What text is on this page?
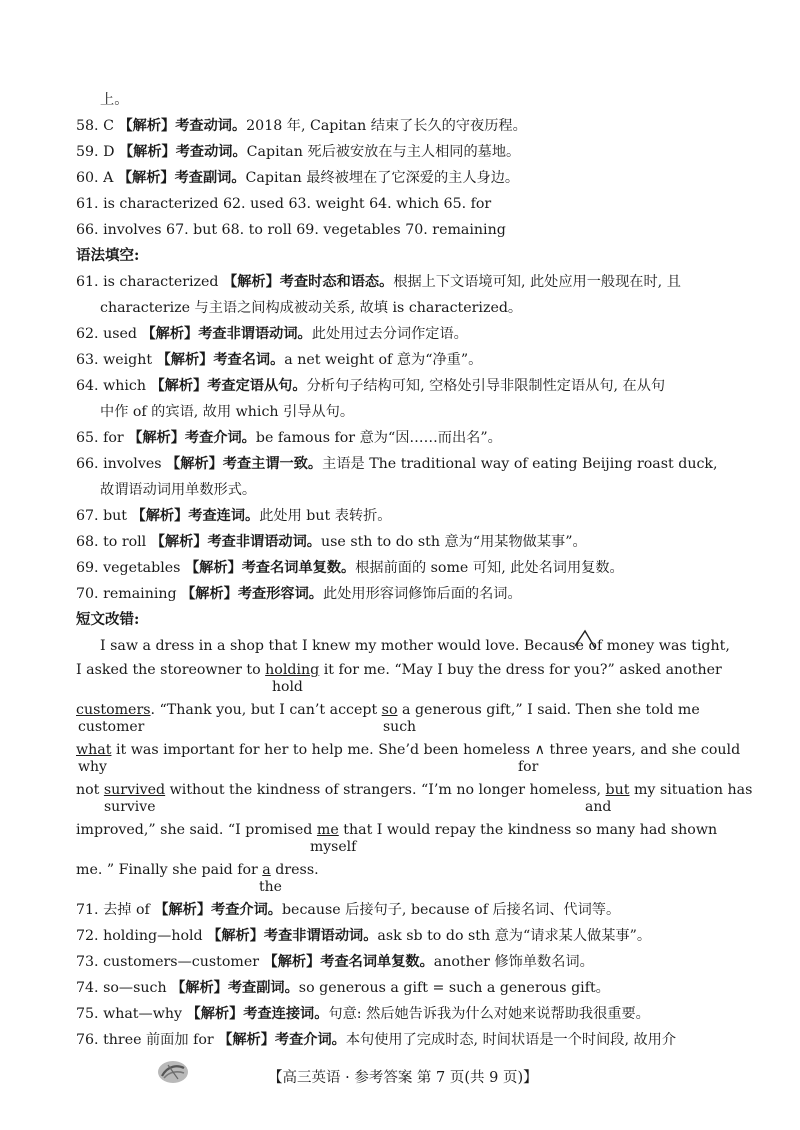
上。
58. C 【解析】考查动词。2018 年, Capitan 结束了长久的守夜历程。
59. D 【解析】考查动词。Capitan 死后被安放在与主人相同的墓地。
60. A 【解析】考查副词。Capitan 最终被埋在了它深爱的主人身边。
61. is characterized 62. used 63. weight 64. which 65. for
66. involves 67. but 68. to roll 69. vegetables 70. remaining
语法填空:
61. is characterized 【解析】考查时态和语态。根据上下文语境可知, 此处应用一般现在时, 且
characterize 与主语之间构成被动关系, 故填 is characterized。
62. used 【解析】考查非谓语动词。此处用过去分词作定语。
63. weight 【解析】考查名词。a net weight of 意为“净重”。
64. which 【解析】考查定语从句。分析句子结构可知, 空格处引导非限制性定语从句, 在从句
中作 of 的宾语, 故用 which 引导从句。
65. for 【解析】考查介词。be famous for 意为“因……而出名”。
66. involves 【解析】考查主谓一致。主语是 The traditional way of eating Beijing roast duck,
故谓语动词用单数形式。
67. but 【解析】考查连词。此处用 but 表转折。
68. to roll 【解析】考查非谓语动词。use sth to do sth 意为“用某物做某事”。
69. vegetables 【解析】考查名词单复数。根据前面的 some 可知, 此处名词用复数。
70. remaining 【解析】考查形容词。此处用形容词修饰后面的名词。
短文改错:
I saw a dress in a shop that I knew my mother would love. Because of money was tight,
I asked the storeowner to holding it for me. “May I buy the dress for you?” asked another
hold
customers. “Thank you, but I can’t accept so a generous gift,” I said. Then she told me
customer	such
what it was important for her to help me. She’d been homeless ∧ three years, and she could
why	for
not survived without the kindness of strangers. “I’m no longer homeless, but my situation has
survive	and
improved,” she said. “I promised me that I would repay the kindness so many had shown
myself
me. ” Finally she paid for a dress.
the
71. 去掉 of 【解析】考查介词。because 后接句子, because of 后接名词、代词等。
72. holding—hold 【解析】考查非谓语动词。ask sb to do sth 意为“请求某人做某事”。
73. customers—customer 【解析】考查名词单复数。another 修饰单数名词。
74. so—such 【解析】考查副词。so generous a gift = such a generous gift。
75. what—why 【解析】考查连接词。句意: 然后她告诉我为什么对她来说帮助我很重要。
76. three 前面加 for 【解析】考查介词。本句使用了完成时态, 时间状语是一个时间段, 故用介
【高三英语 · 参考答案 第 7 页(共 9 页)】
